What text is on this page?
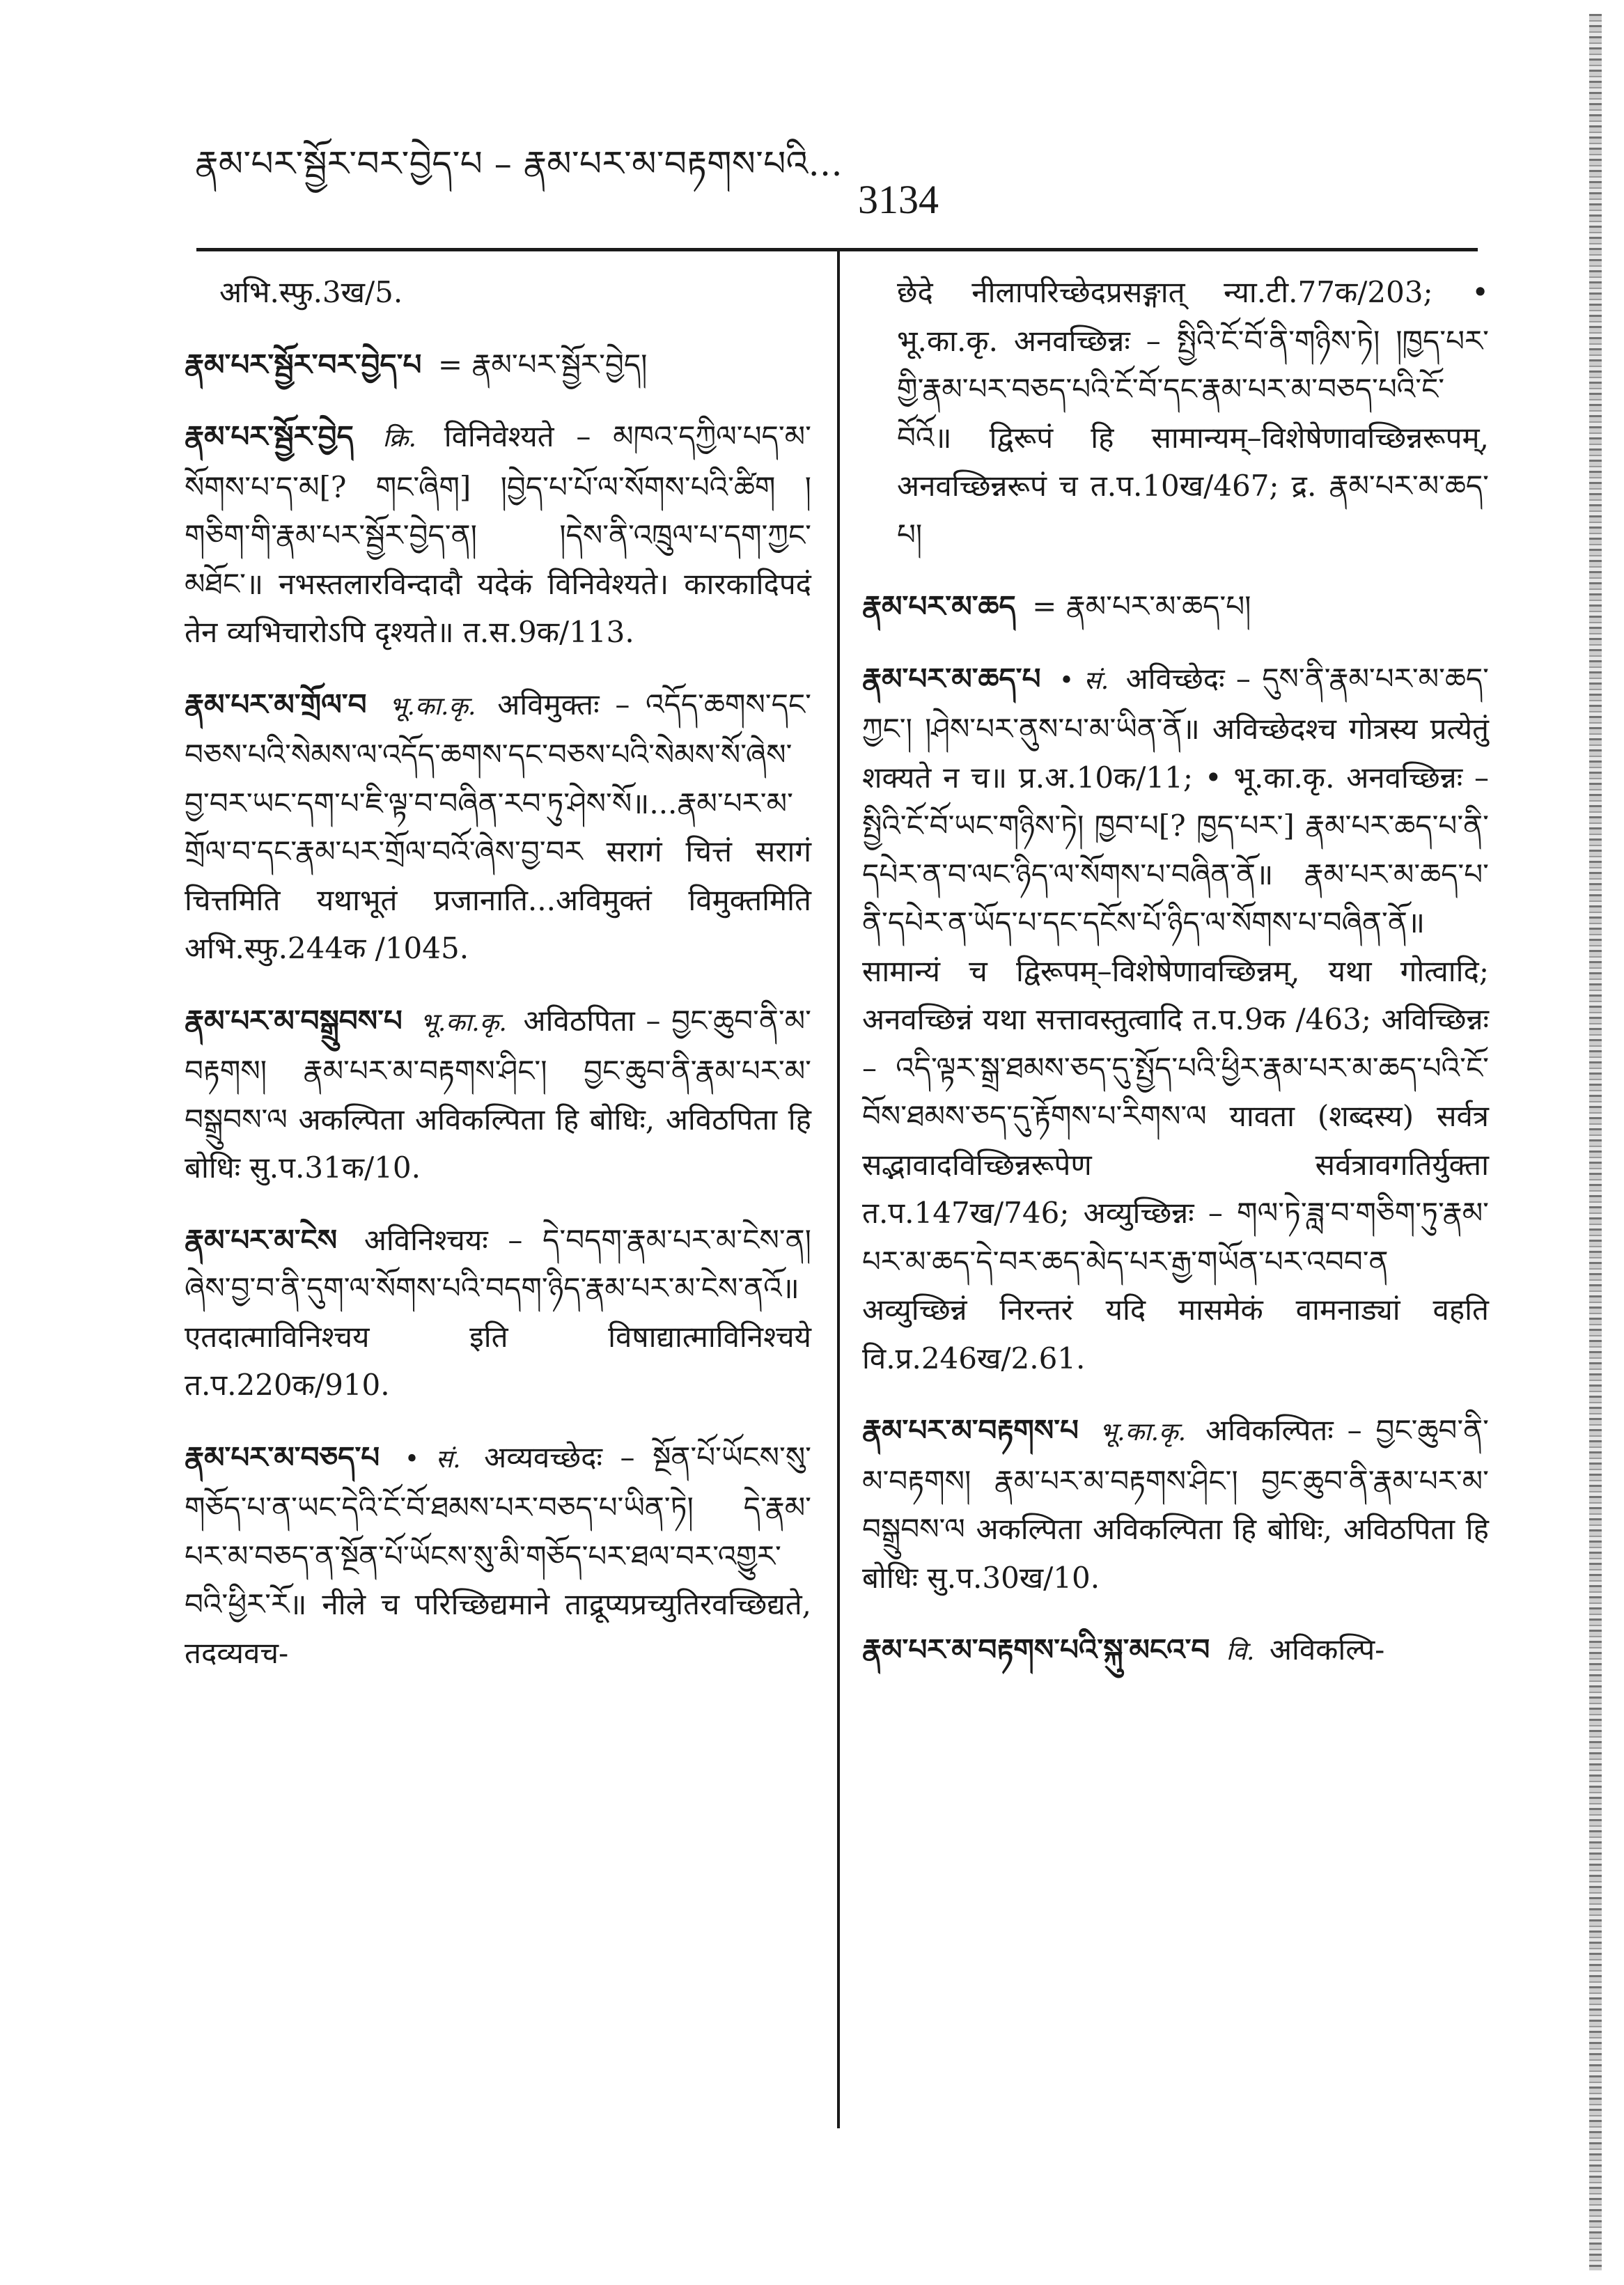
རྣམ་པར་སྦྱོར་བར་བྱེད་པ – རྣམ་པར་མ་བརྟགས་པའི...
3134
अभि.स्फु.3ख/5.
རྣམ་པར་སྦྱོར་བར་བྱེད་པ = རྣམ་པར་སྦྱོར་བྱེད།
རྣམ་པར་སྦྱོར་བྱེད क्रि. विनिवेश्यते – མཁའ་དཀྱིལ་པད་མ་སོགས་པ་ད་མ[? གང་ཞིག] །བྱེད་པ་པོ་ལ་སོགས་པའི་ཚིག །གཅིག་གི་རྣམ་པར་སྦྱོར་བྱེད་ན། །དེས་ནི་འཁྲུལ་པ་དག་ཀྱང་མཐོང་॥ नभस्तलारविन्दादौ यदेकं विनिवेश्यते। कारकादिपदं तेन व्यभिचारोऽपि दृश्यते॥ त.स.9क/113.
རྣམ་པར་མ་གྲོལ་བ भू.का.कृ. अविमुक्तः – འདོད་ཆགས་དང་བཅས་པའི་སེམས་ལ་འདོད་ཆགས་དང་བཅས་པའི་སེམས་སོ་ཞེས་བྱ་བར་ཡང་དག་པ་ཇི་ལྟ་བ་བཞིན་རབ་ཏུ་ཤེས་སོ॥...རྣམ་པར་མ་གྲོལ་བ་དང་རྣམ་པར་གྲོལ་བའོ་ཞེས་བྱ་བར सरागं चित्तं सरागं चित्तमिति यथाभूतं प्रजानाति...अविमुक्तं विमुक्तमिति अभि.स्फु.244क /1045.
རྣམ་པར་མ་བསྒྲུབས་པ भू.का.कृ. अविठपिता – བྱང་ཆུབ་ནི་མ་བརྟགས། རྣམ་པར་མ་བརྟགས་ཤིང་། བྱང་ཆུབ་ནི་རྣམ་པར་མ་བསྒྲུབས་ལ अकल्पिता अविकल्पिता हि बोधिः, अविठपिता हि बोधिः सु.प.31क/10.
རྣམ་པར་མ་ངེས अविनिश्चयः – དེ་བདག་རྣམ་པར་མ་ངེས་ན། ཞེས་བྱ་བ་ནི་དུག་ལ་སོགས་པའི་བདག་ཉིད་རྣམ་པར་མ་ངེས་ནའོ॥ एतदात्माविनिश्चय इति विषाद्यात्माविनिश्चये त.प.220क/910.
རྣམ་པར་མ་བཅད་པ • सं. अव्यवच्छेदः – སྔོན་པོ་ཡོངས་སུ་གཅོད་པ་ན་ཡང་དེའི་ངོ་བོ་ཐམས་པར་བཅད་པ་ཡིན་ཏེ། དེ་རྣམ་པར་མ་བཅད་ན་སྔོན་པོ་ཡོངས་སུ་མི་གཅོད་པར་ཐལ་བར་འགྱུར་བའི་ཕྱིར་རོ॥ नीले च परिच्छिद्यमाने ताद्रूप्यप्रच्युतिरवच्छिद्यते, तदव्यवच-
छेदे नीलापरिच्छेदप्रसङ्गात् न्या.टी.77क/203; • भू.का.कृ. अनवच्छिन्नः – སྤྱིའི་ངོ་བོ་ནི་གཉིས་ཏེ། །ཁྱད་པར་གྱི་རྣམ་པར་བཅད་པའི་ངོ་བོ་དང་རྣམ་པར་མ་བཅད་པའི་ངོ་བོའོ॥ द्विरूपं हि सामान्यम्–विशेषेणावच्छिन्नरूपम्, अनवच्छिन्नरूपं च त.प.10ख/467; द्र. རྣམ་པར་མ་ཆད་པ།
རྣམ་པར་མ་ཆད = རྣམ་པར་མ་ཆད་པ།
རྣམ་པར་མ་ཆད་པ • सं. अविच्छेदः – དུས་ནི་རྣམ་པར་མ་ཆད་ཀྱང་། །ཤེས་པར་ནུས་པ་མ་ཡིན་ནོ॥ अविच्छेदश्च गोत्रस्य प्रत्येतुं शक्यते न च॥ प्र.अ.10क/11; • भू.का.कृ. अनवच्छिन्नः – སྤྱིའི་ངོ་བོ་ཡང་གཉིས་ཏེ། ཁྱབ་པ[? ཁྱད་པར་] རྣམ་པར་ཆད་པ་ནི་དཔེར་ན་བ་ལང་ཉིད་ལ་སོགས་པ་བཞིན་ནོ॥ རྣམ་པར་མ་ཆད་པ་ནི་དཔེར་ན་ཡོད་པ་དང་དངོས་པོ་ཉིད་ལ་སོགས་པ་བཞིན་ནོ॥ सामान्यं च द्विरूपम्–विशेषेणावच्छिन्नम्, यथा गोत्वादि; अनवच्छिन्नं यथा सत्तावस्तुत्वादि त.प.9क /463; अविच्छिन्नः – འདི་ལྟར་སྒྲ་ཐམས་ཅད་དུ་སྤྱོད་པའི་ཕྱིར་རྣམ་པར་མ་ཆད་པའི་ངོ་བོས་ཐམས་ཅད་དུ་རྟོགས་པ་རིགས་ལ यावता (शब्दस्य) सर्वत्र सद्भावादविच्छिन्नरूपेण सर्वत्रावगतिर्युक्ता त.प.147ख/746; अव्युच्छिन्नः – གལ་ཏེ་ཟླ་བ་གཅིག་ཏུ་རྣམ་པར་མ་ཆད་དེ་བར་ཆད་མེད་པར་རྒྱ་གཡོན་པར་འབབ་ན अव्युच्छिन्नं निरन्तरं यदि मासमेकं वामनाड्यां वहति वि.प्र.246ख/2.61.
རྣམ་པར་མ་བརྟགས་པ भू.का.कृ. अविकल्पितः – བྱང་ཆུབ་ནི་མ་བརྟགས། རྣམ་པར་མ་བརྟགས་ཤིང་། བྱང་ཆུབ་ནི་རྣམ་པར་མ་བསྒྲུབས་ལ अकल्पिता अविकल्पिता हि बोधिः, अविठपिता हि बोधिः सु.प.30ख/10.
རྣམ་པར་མ་བརྟགས་པའི་སྐུ་མངའ་བ वि. अविकल्पि-
